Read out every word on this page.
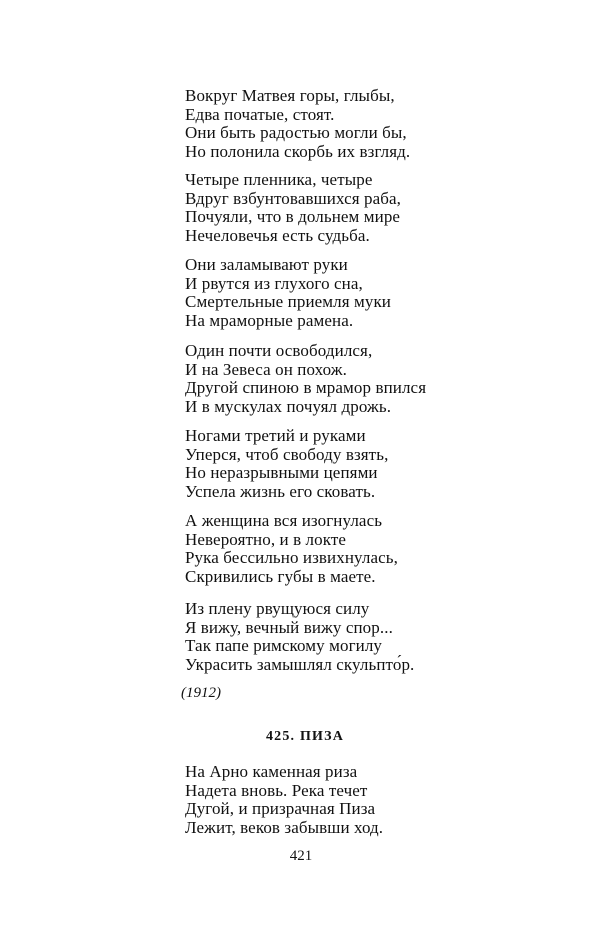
Вокруг Матвея горы, глыбы,
Едва початые, стоят.
Они быть радостью могли бы,
Но полонила скорбь их взгляд.
Четыре пленника, четыре
Вдруг взбунтовавшихся раба,
Почуяли, что в дольнем мире
Нечеловечья есть судьба.
Они заламывают руки
И рвутся из глухого сна,
Смертельные приемля муки
На мраморные рамена.
Один почти освободился,
И на Зевеса он похож.
Другой спиною в мрамор впился
И в мускулах почуял дрожь.
Ногами третий и руками
Уперся, чтоб свободу взять,
Но неразрывными цепями
Успела жизнь его сковать.
А женщина вся изогнулась
Невероятно, и в локте
Рука бессильно извихнулась,
Скривились губы в маете.
Из плену рвущуюся силу
Я вижу, вечный вижу спор...
Так папе римскому могилу
Украсить замышлял скульпто́р.
(1912)
425. ПИЗА
На Арно каменная риза
Надета вновь. Река течет
Дугой, и призрачная Пиза
Лежит, веков забывши ход.
421
